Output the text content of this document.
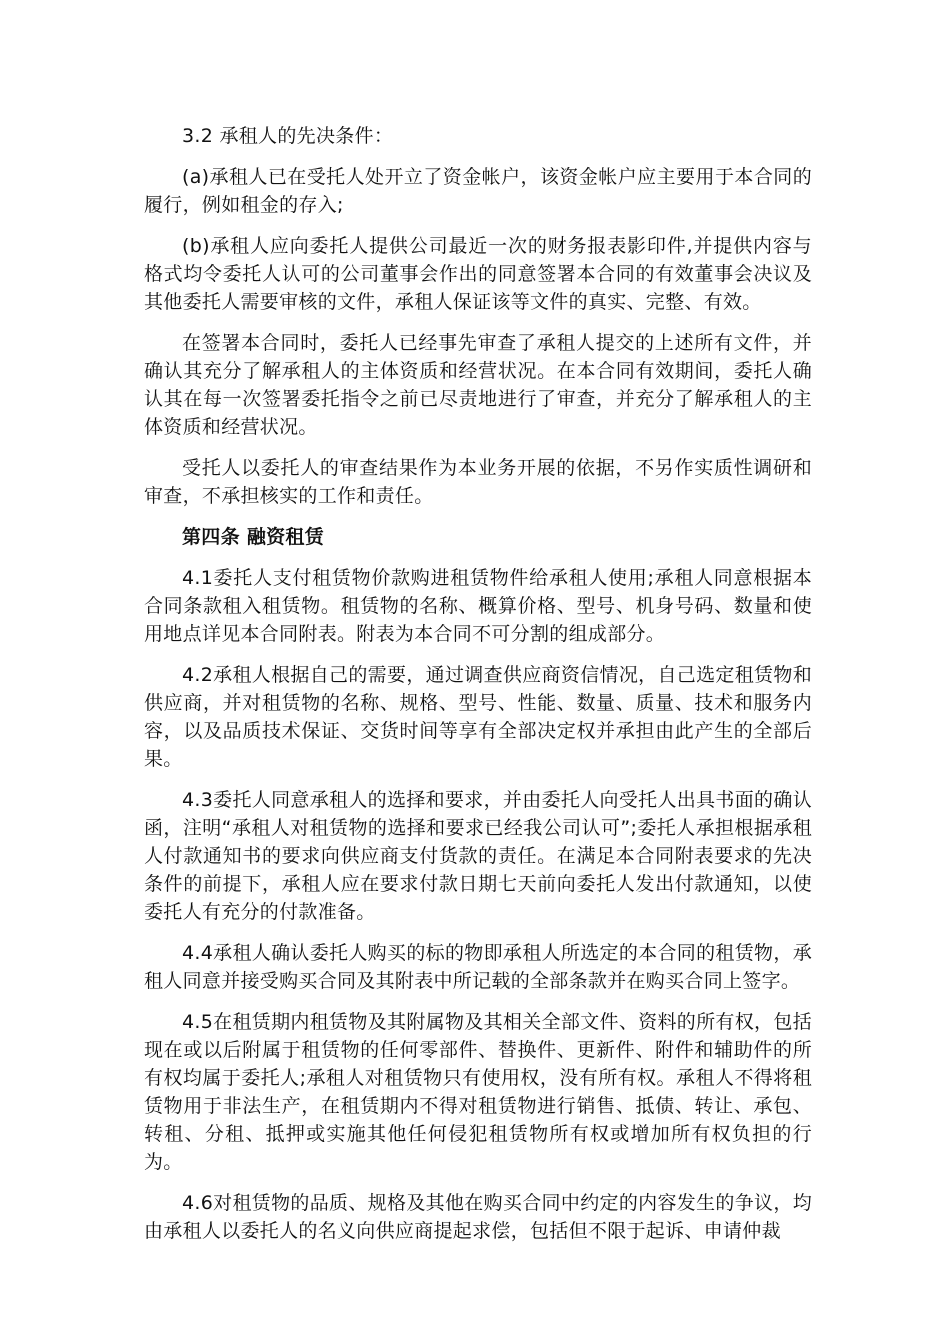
3.2 承租人的先决条件：

(a)承租人已在受托人处开立了资金帐户，该资金帐户应主要用于本合同的履行，例如租金的存入;

(b)承租人应向委托人提供公司最近一次的财务报表影印件,并提供内容与格式均令委托人认可的公司董事会作出的同意签署本合同的有效董事会决议及其他委托人需要审核的文件，承租人保证该等文件的真实、完整、有效。

在签署本合同时，委托人已经事先审查了承租人提交的上述所有文件，并确认其充分了解承租人的主体资质和经营状况。在本合同有效期间，委托人确认其在每一次签署委托指令之前已尽责地进行了审查，并充分了解承租人的主体资质和经营状况。

受托人以委托人的审查结果作为本业务开展的依据，不另作实质性调研和审查，不承担核实的工作和责任。

第四条 融资租赁

4.1委托人支付租赁物价款购进租赁物件给承租人使用;承租人同意根据本合同条款租入租赁物。租赁物的名称、概算价格、型号、机身号码、数量和使用地点详见本合同附表。附表为本合同不可分割的组成部分。

4.2承租人根据自己的需要，通过调查供应商资信情况，自己选定租赁物和供应商，并对租赁物的名称、规格、型号、性能、数量、质量、技术和服务内容，以及品质技术保证、交货时间等享有全部决定权并承担由此产生的全部后果。

4.3委托人同意承租人的选择和要求，并由委托人向受托人出具书面的确认函，注明“承租人对租赁物的选择和要求已经我公司认可”;委托人承担根据承租人付款通知书的要求向供应商支付货款的责任。在满足本合同附表要求的先决条件的前提下，承租人应在要求付款日期七天前向委托人发出付款通知，以使委托人有充分的付款准备。

4.4承租人确认委托人购买的标的物即承租人所选定的本合同的租赁物，承租人同意并接受购买合同及其附表中所记载的全部条款并在购买合同上签字。

4.5在租赁期内租赁物及其附属物及其相关全部文件、资料的所有权，包括现在或以后附属于租赁物的任何零部件、替换件、更新件、附件和辅助件的所有权均属于委托人;承租人对租赁物只有使用权，没有所有权。承租人不得将租赁物用于非法生产，在租赁期内不得对租赁物进行销售、抵债、转让、承包、转租、分租、抵押或实施其他任何侵犯租赁物所有权或增加所有权负担的行为。

4.6对租赁物的品质、规格及其他在购买合同中约定的内容发生的争议，均由承租人以委托人的名义向供应商提起求偿，包括但不限于起诉、申请仲裁
